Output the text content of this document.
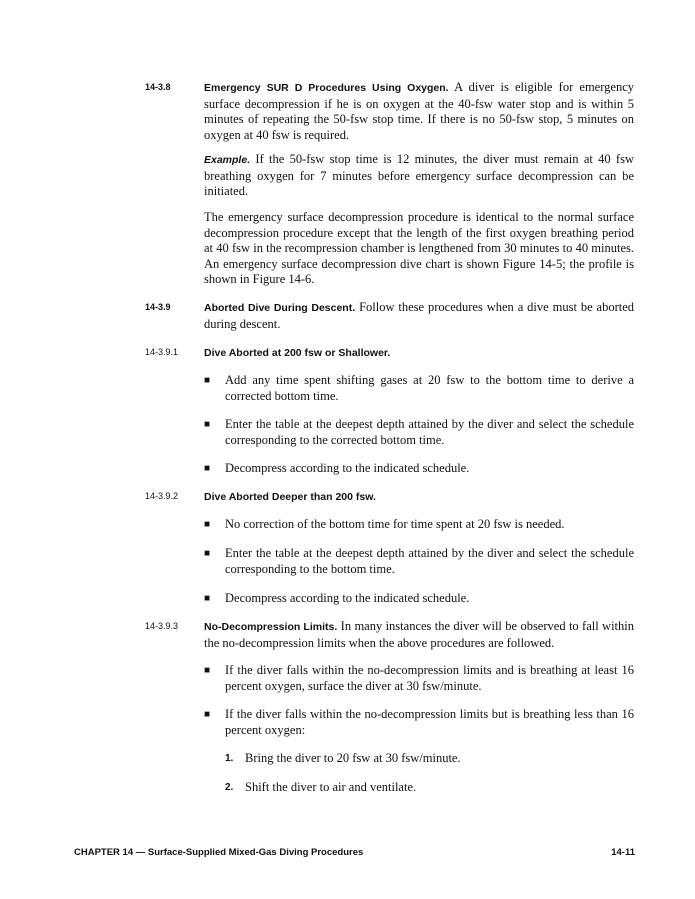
14-3.8	Emergency SUR D Procedures Using Oxygen. A diver is eligible for emergency surface decompression if he is on oxygen at the 40-fsw water stop and is within 5 minutes of repeating the 50-fsw stop time. If there is no 50-fsw stop, 5 minutes on oxygen at 40 fsw is required.
Example. If the 50-fsw stop time is 12 minutes, the diver must remain at 40 fsw breathing oxygen for 7 minutes before emergency surface decompression can be initiated.
The emergency surface decompression procedure is identical to the normal surface decompression procedure except that the length of the first oxygen breathing period at 40 fsw in the recompression chamber is lengthened from 30 minutes to 40 minutes. An emergency surface decompression dive chart is shown Figure 14-5; the profile is shown in Figure 14-6.
14-3.9	Aborted Dive During Descent. Follow these procedures when a dive must be aborted during descent.
14-3.9.1 Dive Aborted at 200 fsw or Shallower.
■	Add any time spent shifting gases at 20 fsw to the bottom time to derive a corrected bottom time.
■	Enter the table at the deepest depth attained by the diver and select the schedule corresponding to the corrected bottom time.
■	Decompress according to the indicated schedule.
14-3.9.2 Dive Aborted Deeper than 200 fsw.
■	No correction of the bottom time for time spent at 20 fsw is needed.
■	Enter the table at the deepest depth attained by the diver and select the schedule corresponding to the bottom time.
■	Decompress according to the indicated schedule.
14-3.9.3 No-Decompression Limits. In many instances the diver will be observed to fall within the no-decompression limits when the above procedures are followed.
■	If the diver falls within the no-decompression limits and is breathing at least 16 percent oxygen, surface the diver at 30 fsw/minute.
■	If the diver falls within the no-decompression limits but is breathing less than 16 percent oxygen:
1. Bring the diver to 20 fsw at 30 fsw/minute.
2. Shift the diver to air and ventilate.
CHAPTER 14 — Surface-Supplied Mixed-Gas Diving Procedures	14-11
